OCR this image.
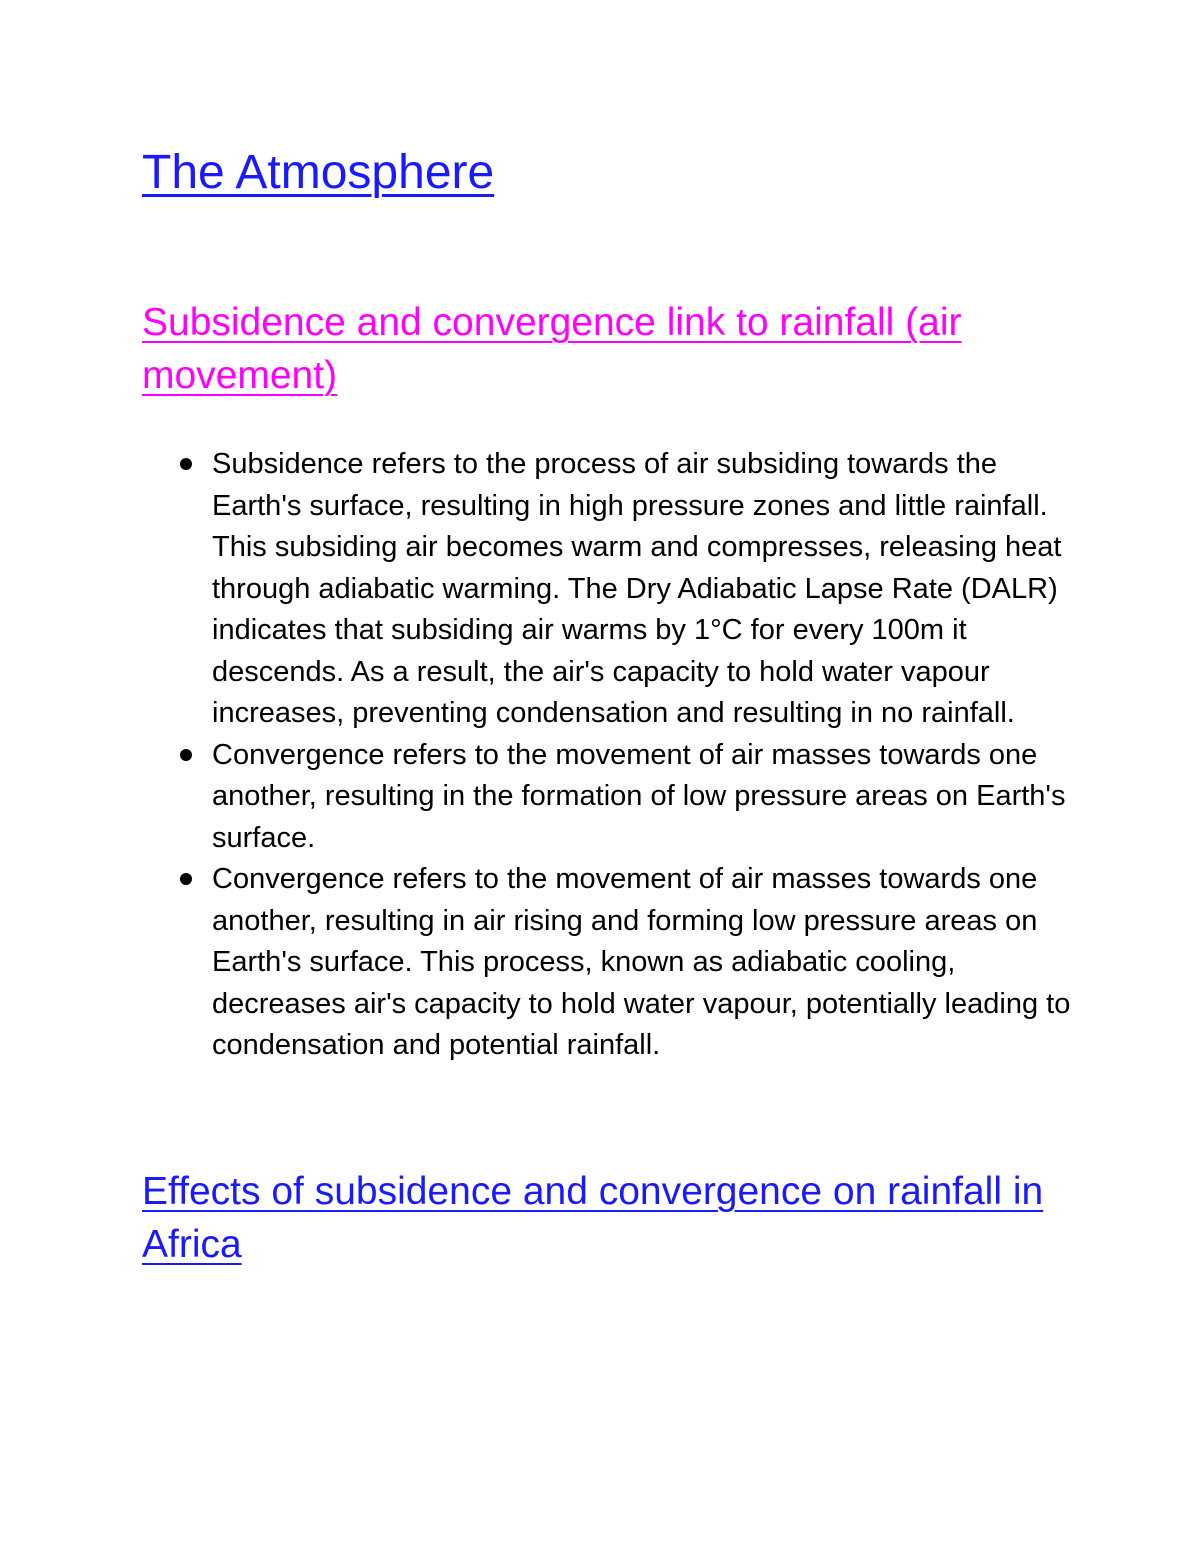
The Atmosphere
Subsidence and convergence link to rainfall (air movement)
Subsidence refers to the process of air subsiding towards the Earth's surface, resulting in high pressure zones and little rainfall. This subsiding air becomes warm and compresses, releasing heat through adiabatic warming. The Dry Adiabatic Lapse Rate (DALR) indicates that subsiding air warms by 1°C for every 100m it descends. As a result, the air's capacity to hold water vapour increases, preventing condensation and resulting in no rainfall.
Convergence refers to the movement of air masses towards one another, resulting in the formation of low pressure areas on Earth's surface.
Convergence refers to the movement of air masses towards one another, resulting in air rising and forming low pressure areas on Earth's surface. This process, known as adiabatic cooling, decreases air's capacity to hold water vapour, potentially leading to condensation and potential rainfall.
Effects of subsidence and convergence on rainfall in Africa
